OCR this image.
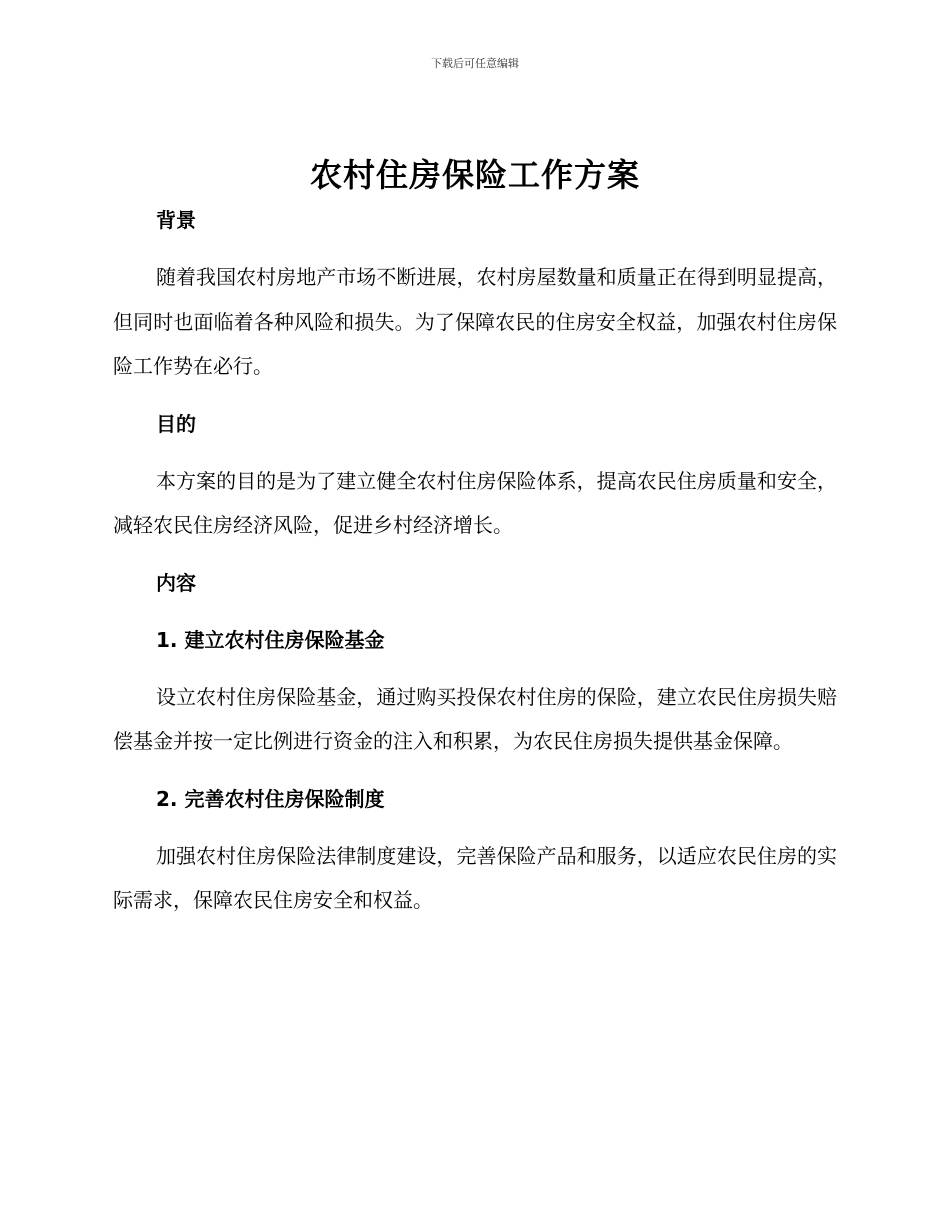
下载后可任意编辑
农村住房保险工作方案

背景

随着我国农村房地产市场不断进展，农村房屋数量和质量正在得到明显提高，但同时也面临着各种风险和损失。为了保障农民的住房安全权益，加强农村住房保险工作势在必行。

目的

本方案的目的是为了建立健全农村住房保险体系，提高农民住房质量和安全，减轻农民住房经济风险，促进乡村经济增长。

内容

1. 建立农村住房保险基金

设立农村住房保险基金，通过购买投保农村住房的保险，建立农民住房损失赔偿基金并按一定比例进行资金的注入和积累，为农民住房损失提供基金保障。

2. 完善农村住房保险制度

加强农村住房保险法律制度建设，完善保险产品和服务，以适应农民住房的实际需求，保障农民住房安全和权益。
